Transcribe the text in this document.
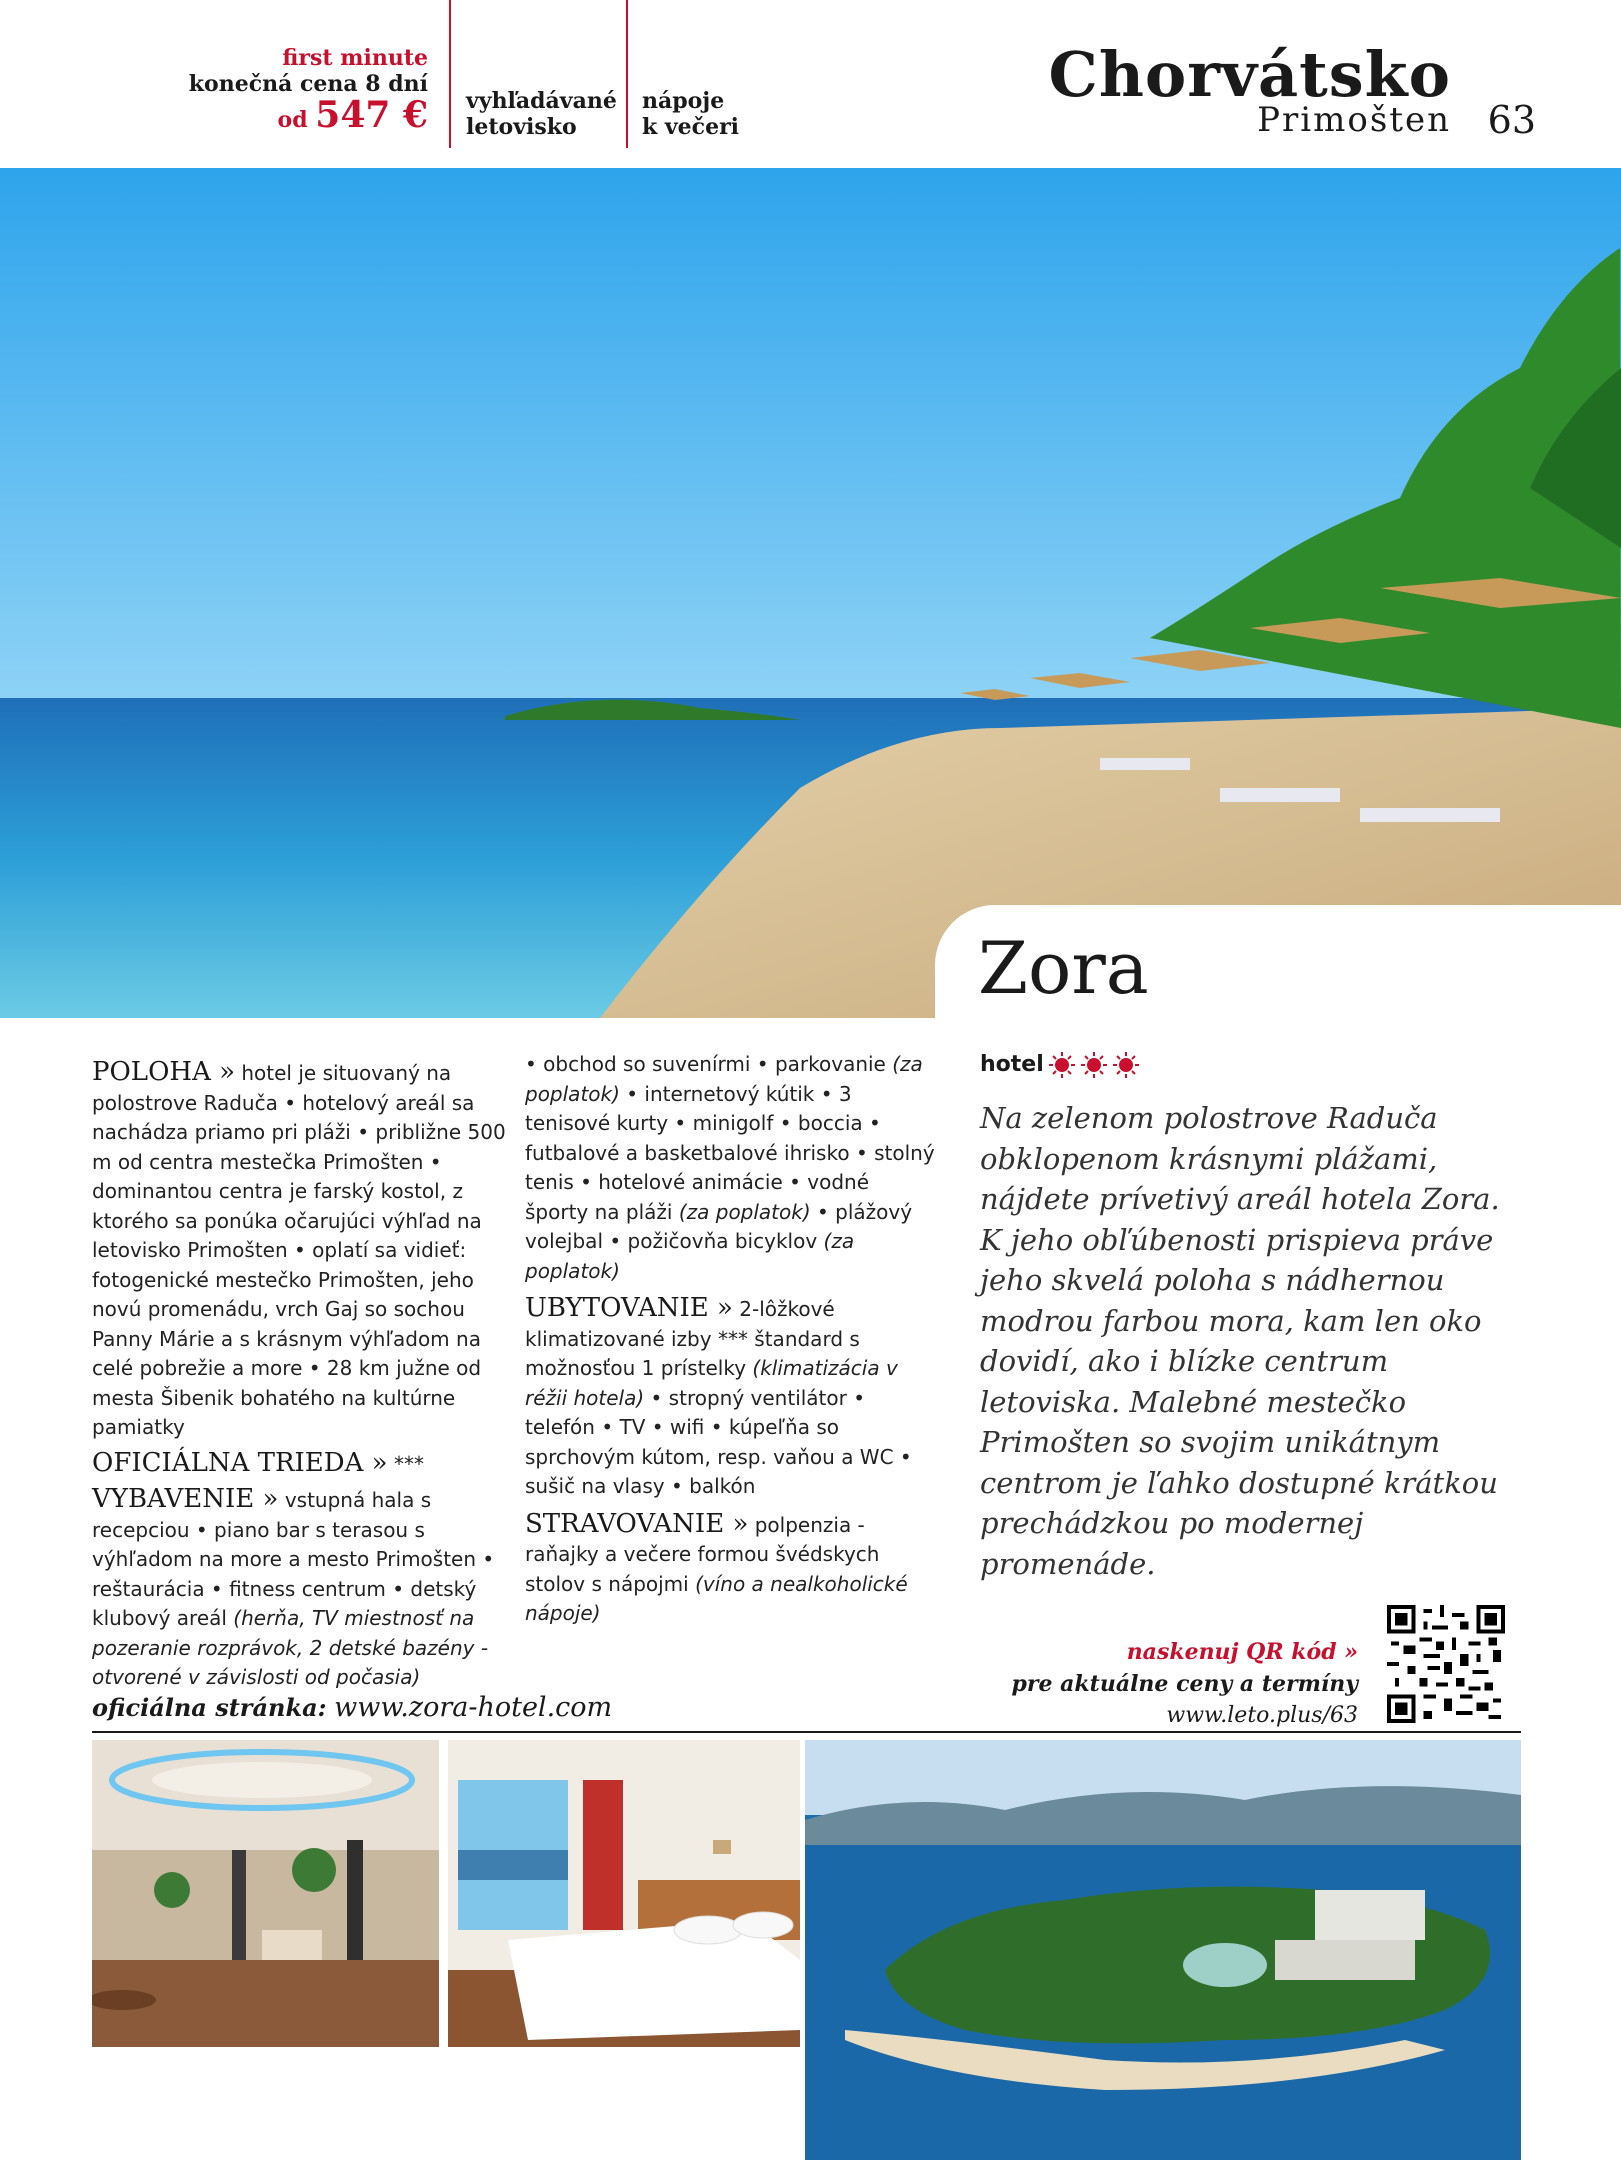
first minute
konečná cena 8 dní
od 547 € vyhľadávané
letovisko
nápoje
k večeri
Chorvátsko
Primošten 63
Zora

POLOHA » hotel je situovaný na polostrove Raduča • hotelový areál sa nachádza priamo pri pláži • približne 500 m od centra mestečka Primošten • dominantou centra je farský kostol, z ktorého sa ponúka očarujúci výhľad na letovisko Primošten • oplatí sa vidieť: fotogenické mestečko Primošten, jeho novú promenádu, vrch Gaj so sochou Panny Márie a s krásnym výhľadom na celé pobrežie a more • 28 km južne od mesta Šibenik bohatého na kultúrne pamiatky

OFICIÁLNA TRIEDA » ***

VYBAVENIE » vstupná hala s recepciou • piano bar s terasou s výhľadom na more a mesto Primošten • reštaurácia • fitness centrum • detský klubový areál (herňa, TV miestnosť na pozeranie rozprávok, 2 detské bazény - otvorené v závislosti od počasia)

• obchod so suvenírmi • parkovanie (za poplatok) • internetový kútik • 3 tenisové kurty • minigolf • boccia • futbalové a basketbalové ihrisko • stolný tenis • hotelové animácie • vodné športy na pláži (za poplatok) • plážový volejbal • požičovňa bicyklov (za poplatok)

UBYTOVANIE » 2-lôžkové klimatizované izby *** štandard s možnosťou 1 prístelky (klimatizácia v réžii hotela) • stropný ventilátor • telefón • TV • wifi • kúpeľňa so sprchovým kútom, resp. vaňou a WC • sušič na vlasy • balkón

STRAVOVANIE » polpenzia - raňajky a večere formou švédskych stolov s nápojmi (víno a nealkoholické nápoje)

hotel
Na zelenom polostrove Raduča obklopenom krásnymi plážami, nájdete prívetivý areál hotela Zora. K jeho obľúbenosti prispieva práve jeho skvelá poloha s nádhernou modrou farbou mora, kam len oko dovidí, ako i blízke centrum letoviska. Malebné mestečko Primošten so svojim unikátnym centrom je ľahko dostupné krátkou prechádzkou po modernej promenáde.
naskenuj QR kód »
pre aktuálne ceny a termíny
www.leto.plus/63
oficiálna stránka: www.zora-hotel.com
